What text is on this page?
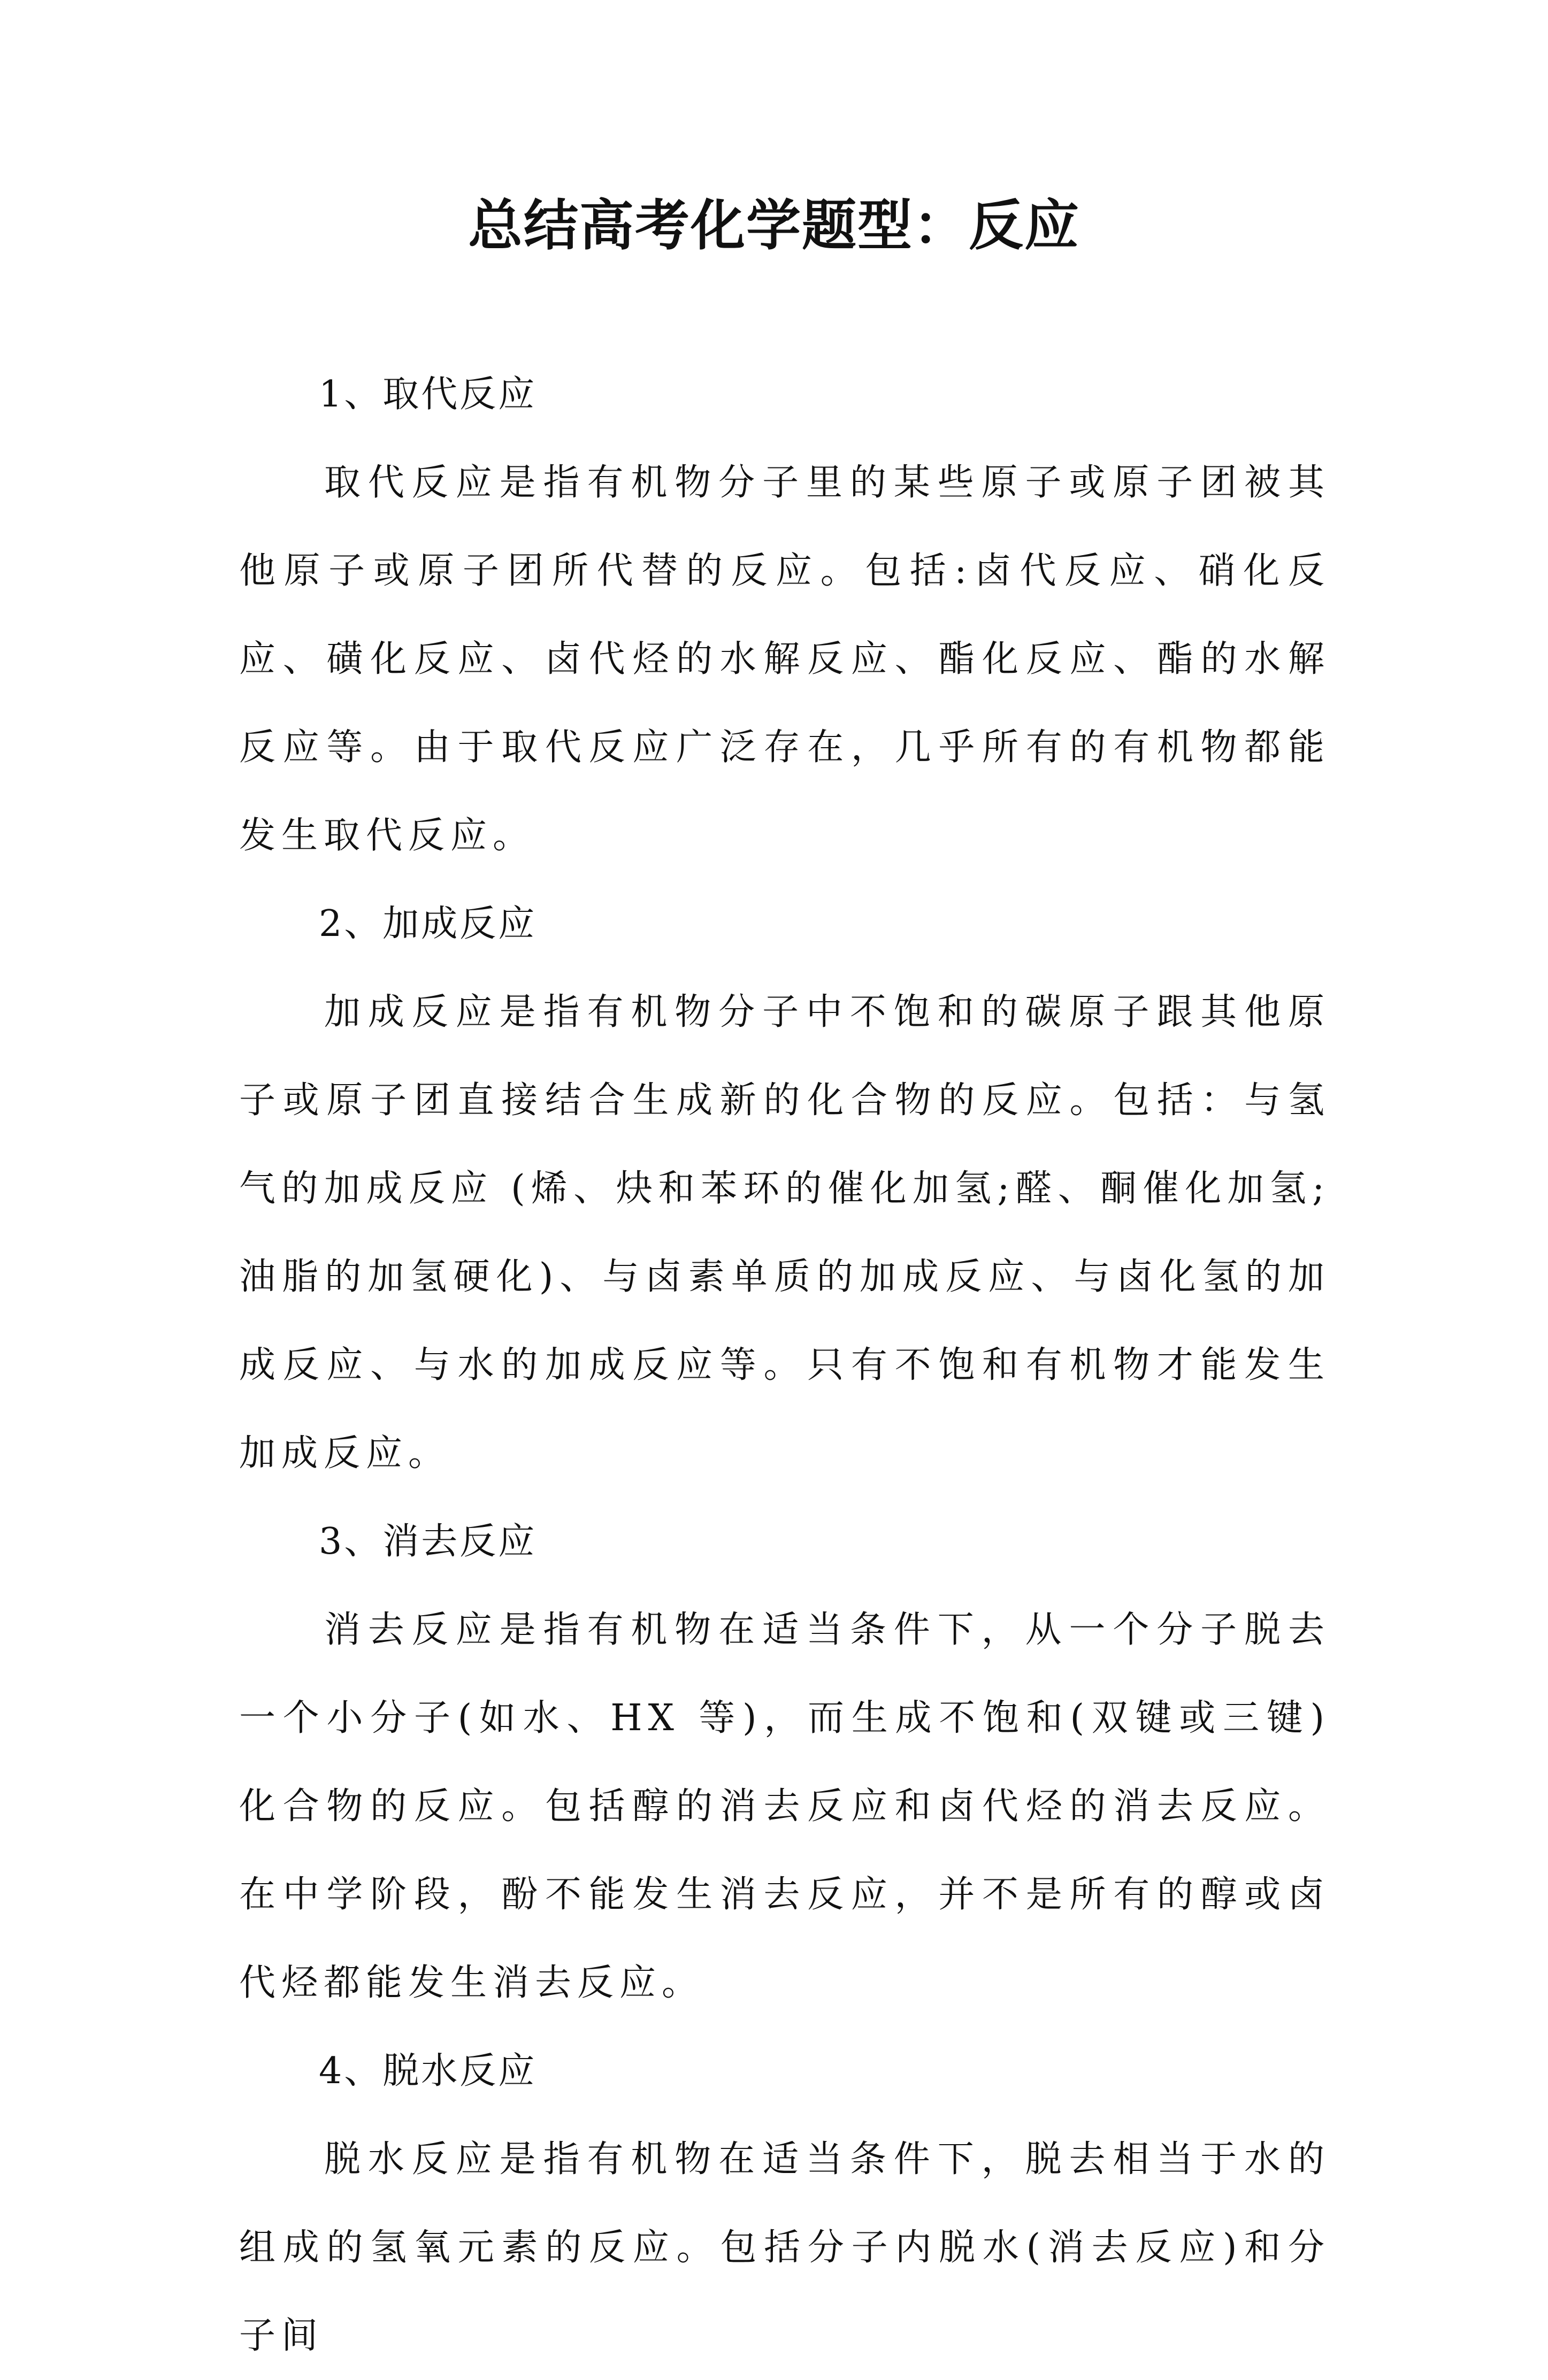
总结高考化学题型：反应
1、取代反应

取代反应是指有机物分子里的某些原子或原子团被其他原子或原子团所代替的反应。包括:卤代反应、硝化反应、磺化反应、卤代烃的水解反应、酯化反应、酯的水解反应等。由于取代反应广泛存在，几乎所有的有机物都能发生取代反应。

2、加成反应

加成反应是指有机物分子中不饱和的碳原子跟其他原子或原子团直接结合生成新的化合物的反应。包括：与氢气的加成反应 (烯、炔和苯环的催化加氢;醛、酮催化加氢;油脂的加氢硬化)、与卤素单质的加成反应、与卤化氢的加成反应、与水的加成反应等。只有不饱和有机物才能发生加成反应。

3、消去反应

消去反应是指有机物在适当条件下，从一个分子脱去一个小分子(如水、HX 等)，而生成不饱和(双键或三键)化合物的反应。包括醇的消去反应和卤代烃的消去反应。在中学阶段，酚不能发生消去反应，并不是所有的醇或卤代烃都能发生消去反应。

4、脱水反应

脱水反应是指有机物在适当条件下，脱去相当于水的组成的氢氧元素的反应。包括分子内脱水(消去反应)和分子间
